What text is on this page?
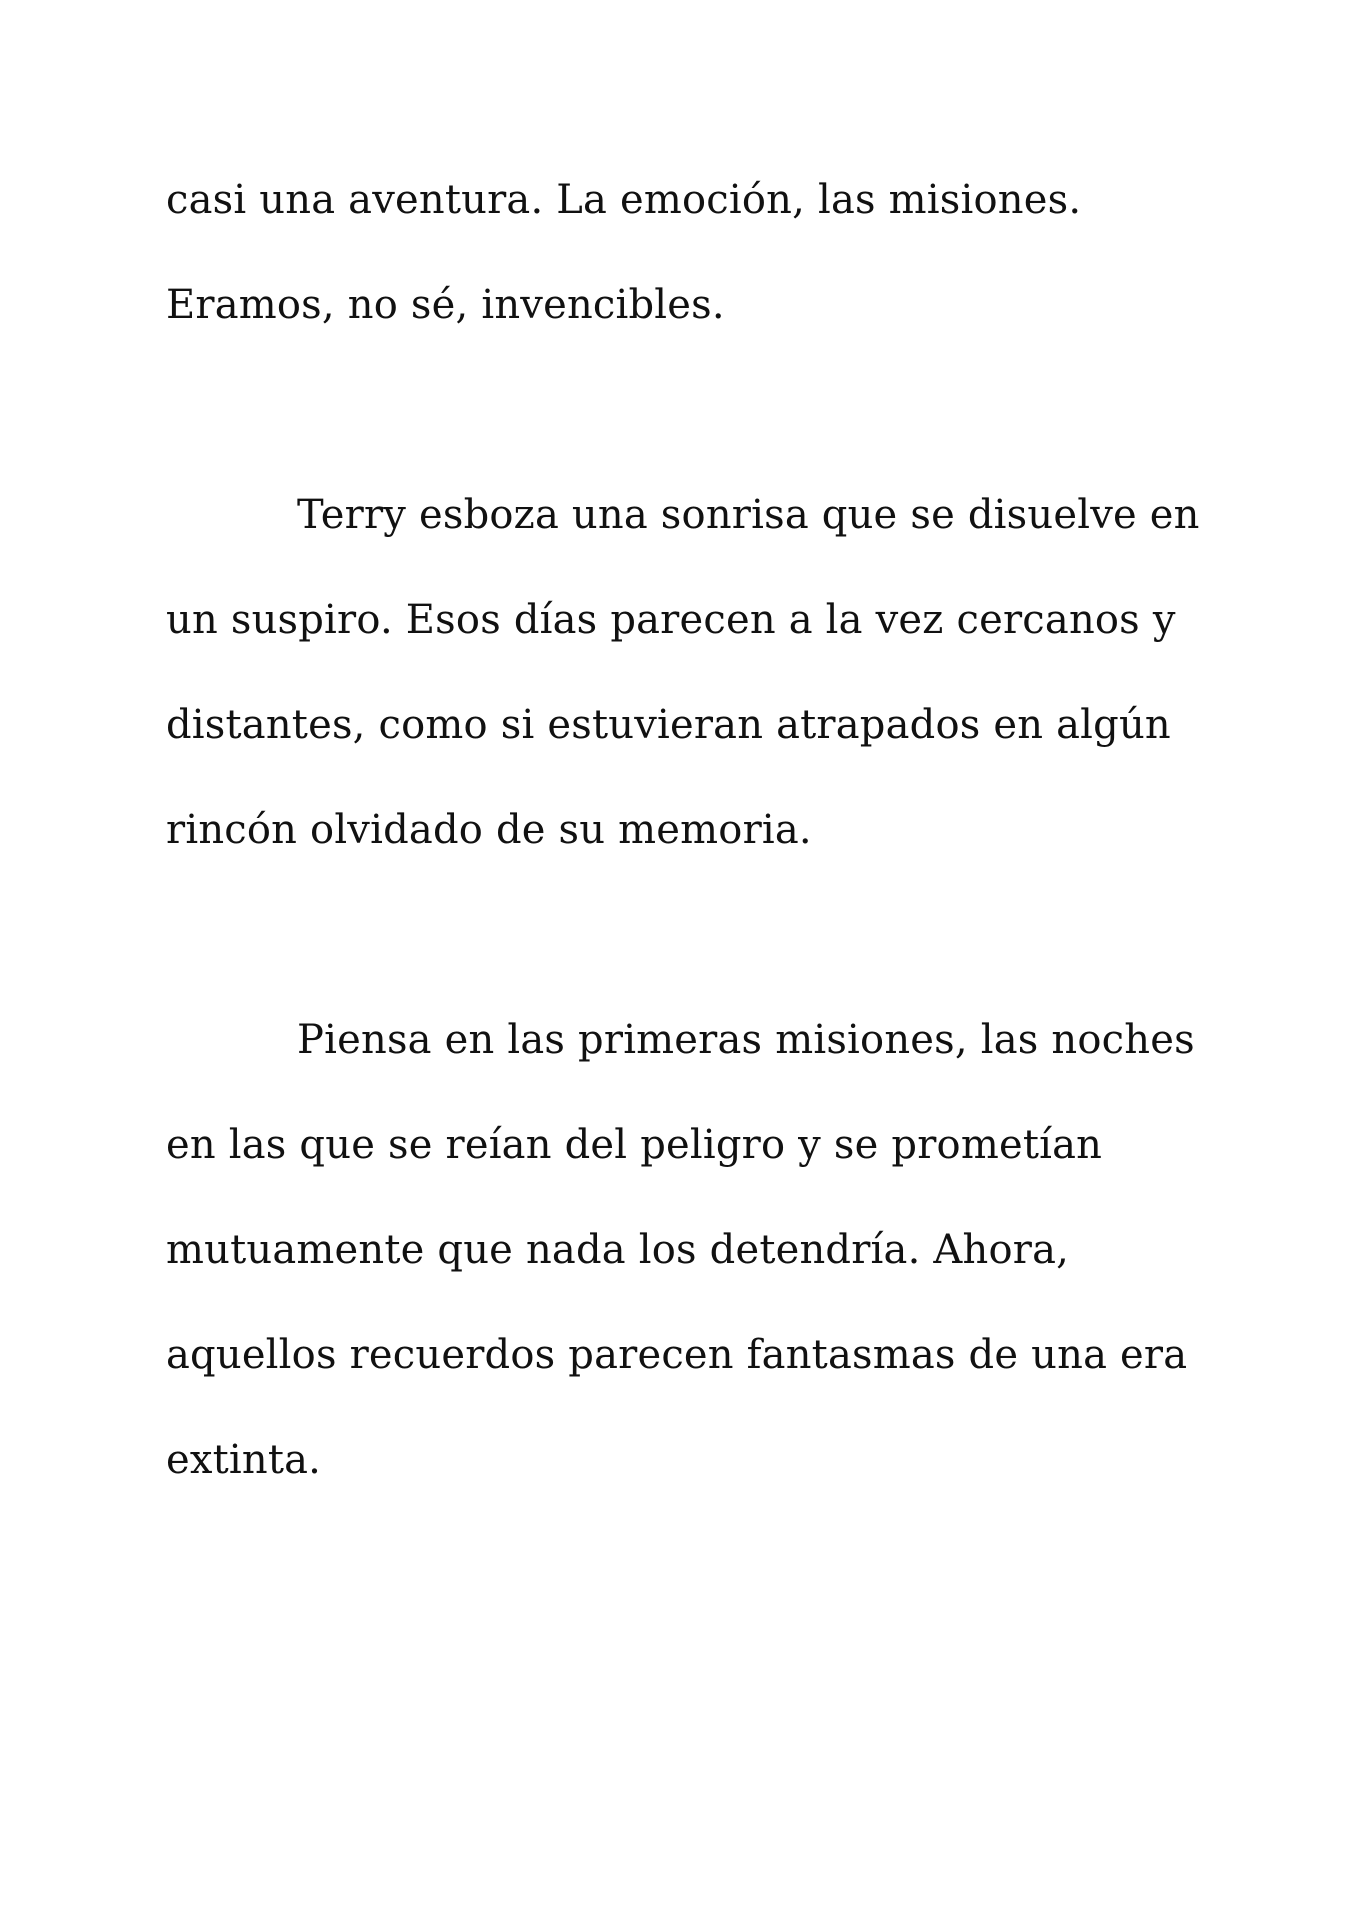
casi una aventura. La emoción, las misiones.
Eramos, no sé, invencibles.
Terry esboza una sonrisa que se disuelve en
un suspiro. Esos días parecen a la vez cercanos y
distantes, como si estuvieran atrapados en algún
rincón olvidado de su memoria.
Piensa en las primeras misiones, las noches
en las que se reían del peligro y se prometían
mutuamente que nada los detendría. Ahora,
aquellos recuerdos parecen fantasmas de una era
extinta.
